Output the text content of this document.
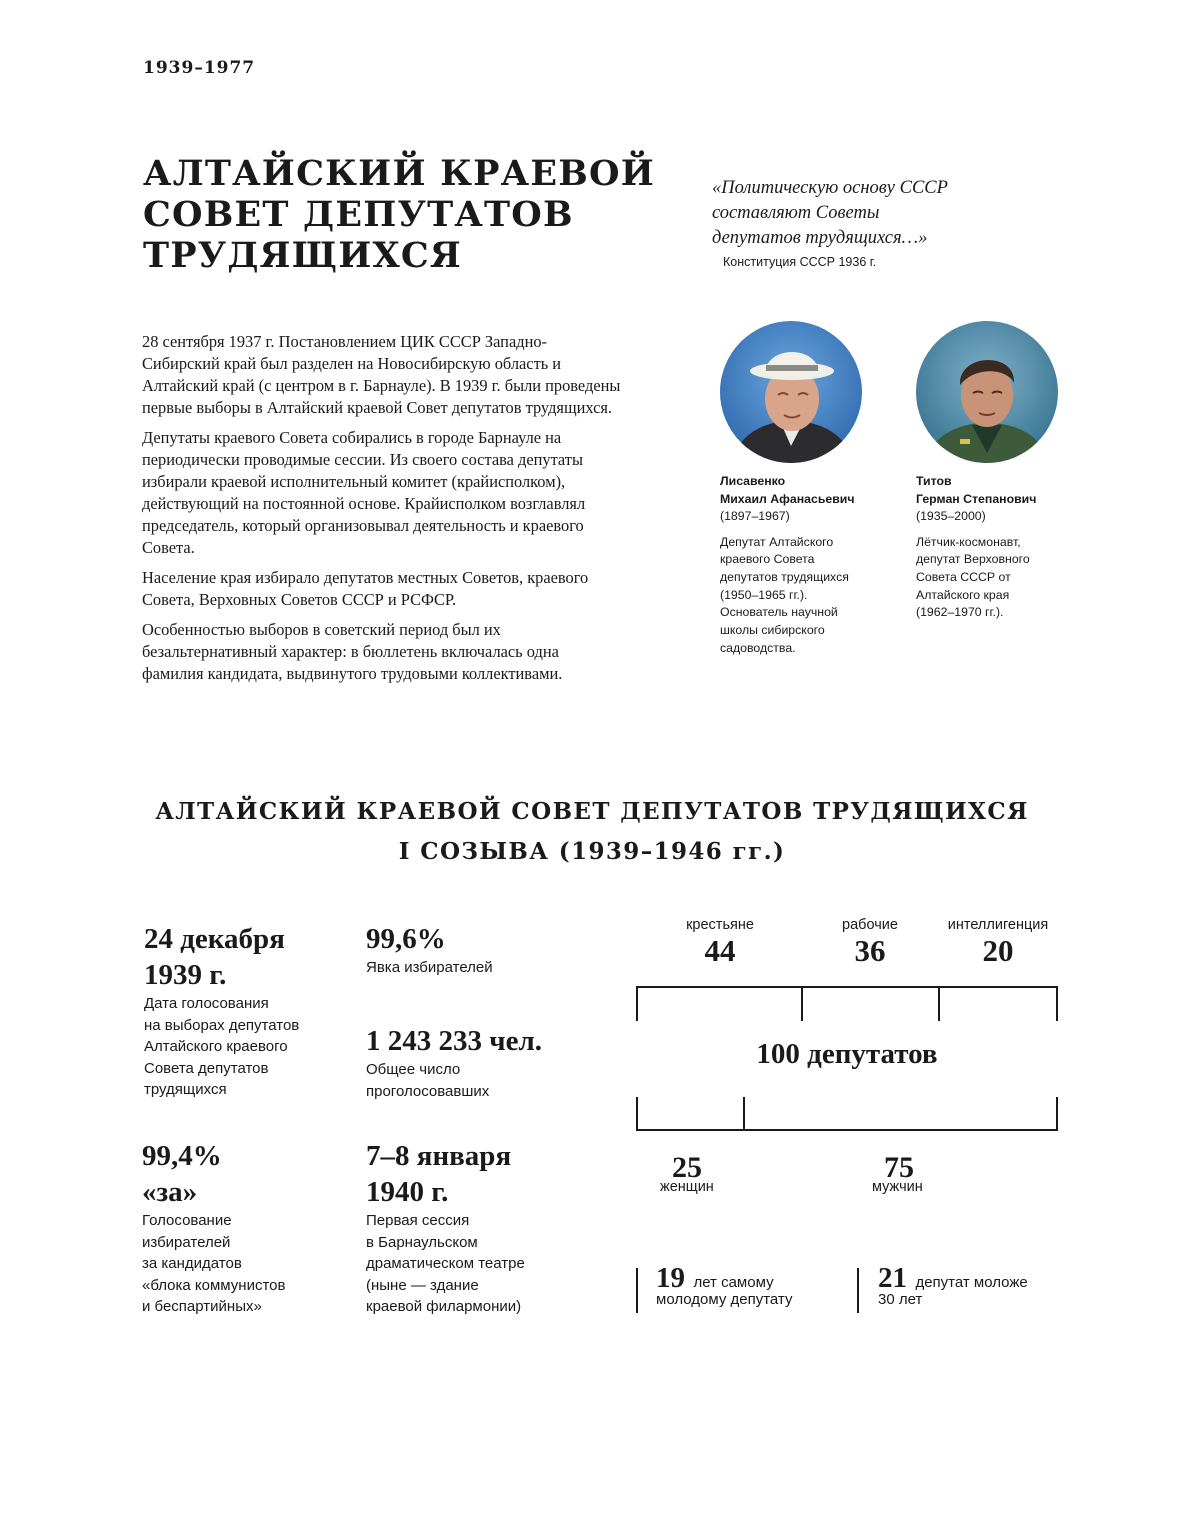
1939–1977
АЛТАЙСКИЙ КРАЕВОЙ СОВЕТ ДЕПУТАТОВ ТРУДЯЩИХСЯ

28 сентября 1937 г. Постановлением ЦИК СССР Западно-Сибирский край был разделен на Новосибирскую область и Алтайский край (с центром в г. Барнауле). В 1939 г. были проведены первые выборы в Алтайский краевой Совет депутатов трудящихся.

Депутаты краевого Совета собирались в городе Барнауле на периодически проводимые сессии. Из своего состава депутаты избирали краевой исполнительный комитет (крайисполком), действующий на постоянной основе. Крайисполком возглавлял председатель, который организовывал деятельность и краевого Совета.

Население края избирало депутатов местных Советов, краевого Совета, Верховных Советов СССР и РСФСР.

Особенностью выборов в советский период был их безальтернативный характер: в бюллетень включалась одна фамилия кандидата, выдвинутого трудовыми коллективами.

«Политическую основу СССР
составляют Советы
депутатов трудящихся…»
Конституция СССР 1936 г.
Лисавенко
Михаил Афанасьевич
(1897–1967)
Депутат Алтайского
краевого Совета
депутатов трудящихся
(1950–1965 гг.).
Основатель научной
школы сибирского
садоводства.
Титов
Герман Степанович
(1935–2000)
Лётчик-космонавт,
депутат Верховного
Совета СССР от
Алтайского края
(1962–1970 гг.).
АЛТАЙСКИЙ КРАЕВОЙ СОВЕТ ДЕПУТАТОВ ТРУДЯЩИХСЯ
I СОЗЫВА (1939–1946 гг.)
24 декабря
1939 г.
Дата голосования
на выборах депутатов
Алтайского краевого
Совета депутатов
трудящихся
99,4%
«за»
Голосование
избирателей
за кандидатов
«блока коммунистов
и беспартийных»
99,6%
Явка избирателей
1 243 233 чел.
Общее число
проголосовавших
7–8 января
1940 г.
Первая сессия
в Барнаульском
драматическом театре
(ныне — здание
краевой филармонии)
крестьяне
44
рабочие
36
интеллигенция
20
100 депутатов
25
женщин
75
мужчин
19 лет самому
молодому депутату
21 депутат моложе
30 лет
